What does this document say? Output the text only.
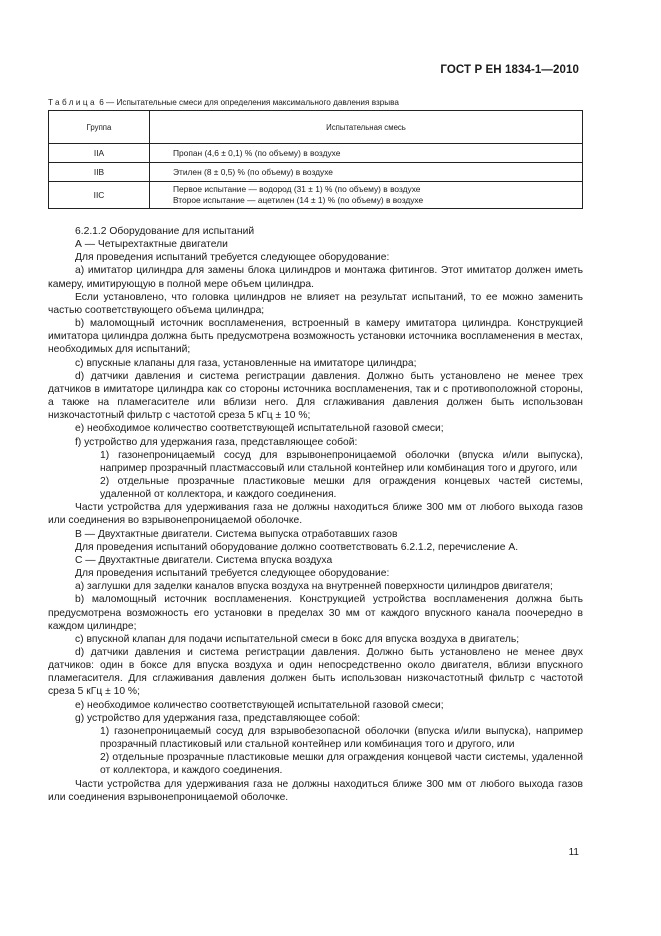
ГОСТ Р ЕН 1834-1—2010
Таблица 6 — Испытательные смеси для определения максимального давления взрыва
Группа	Испытательная смесь
IIA	Пропан (4,6 ± 0,1) % (по объему) в воздухе

IIB	Этилен (8 ± 0,5) % (по объему) в воздухе

IIC	Первое испытание — водород (31 ± 1) % (по объему) в воздухе
Второе испытание — ацетилен (14 ± 1) % (по объему) в воздухе

6.2.1.2 Оборудование для испытаний

А — Четырехтактные двигатели

Для проведения испытаний требуется следующее оборудование:

a) имитатор цилиндра для замены блока цилиндров и монтажа фитингов. Этот имитатор должен иметь камеру, имитирующую в полной мере объем цилиндра.

Если установлено, что головка цилиндров не влияет на результат испытаний, то ее можно заменить частью соответствующего объема цилиндра;

b) маломощный источник воспламенения, встроенный в камеру имитатора цилиндра. Конструкцией имитатора цилиндра должна быть предусмотрена возможность установки источника воспламенения в местах, необходимых для испытаний;

c) впускные клапаны для газа, установленные на имитаторе цилиндра;

d) датчики давления и система регистрации давления. Должно быть установлено не менее трех датчиков в имитаторе цилиндра как со стороны источника воспламенения, так и с противоположной стороны, а также на пламегасителе или вблизи него. Для сглаживания давления должен быть использован низкочастотный фильтр с частотой среза 5 кГц ± 10 %;

e) необходимое количество соответствующей испытательной газовой смеси;

f) устройство для удержания газа, представляющее собой:

1) газонепроницаемый сосуд для взрывонепроницаемой оболочки (впуска и/или выпуска), например прозрачный пластмассовый или стальной контейнер или комбинация того и другого, или

2) отдельные прозрачные пластиковые мешки для ограждения концевых частей системы, удаленной от коллектора, и каждого соединения.

Части устройства для удерживания газа не должны находиться ближе 300 мм от любого выхода газов или соединения во взрывонепроницаемой оболочке.

В — Двухтактные двигатели. Система выпуска отработавших газов

Для проведения испытаний оборудование должно соответствовать 6.2.1.2, перечисление А.

С — Двухтактные двигатели. Система впуска воздуха

Для проведения испытаний требуется следующее оборудование:

a) заглушки для заделки каналов впуска воздуха на внутренней поверхности цилиндров двигателя;

b) маломощный источник воспламенения. Конструкцией устройства воспламенения должна быть предусмотрена возможность его установки в пределах 30 мм от каждого впускного канала поочередно в каждом цилиндре;

c) впускной клапан для подачи испытательной смеси в бокс для впуска воздуха в двигатель;

d) датчики давления и система регистрации давления. Должно быть установлено не менее двух датчиков: один в боксе для впуска воздуха и один непосредственно около двигателя, вблизи впускного пламегасителя. Для сглаживания давления должен быть использован низкочастотный фильтр с частотой среза 5 кГц ± 10 %;

e) необходимое количество соответствующей испытательной газовой смеси;

g) устройство для удержания газа, представляющее собой:

1) газонепроницаемый сосуд для взрывобезопасной оболочки (впуска и/или выпуска), например прозрачный пластиковый или стальной контейнер или комбинация того и другого, или

2) отдельные прозрачные пластиковые мешки для ограждения концевой части системы, удаленной от коллектора, и каждого соединения.

Части устройства для удерживания газа не должны находиться ближе 300 мм от любого выхода газов или соединения взрывонепроницаемой оболочке.

11
